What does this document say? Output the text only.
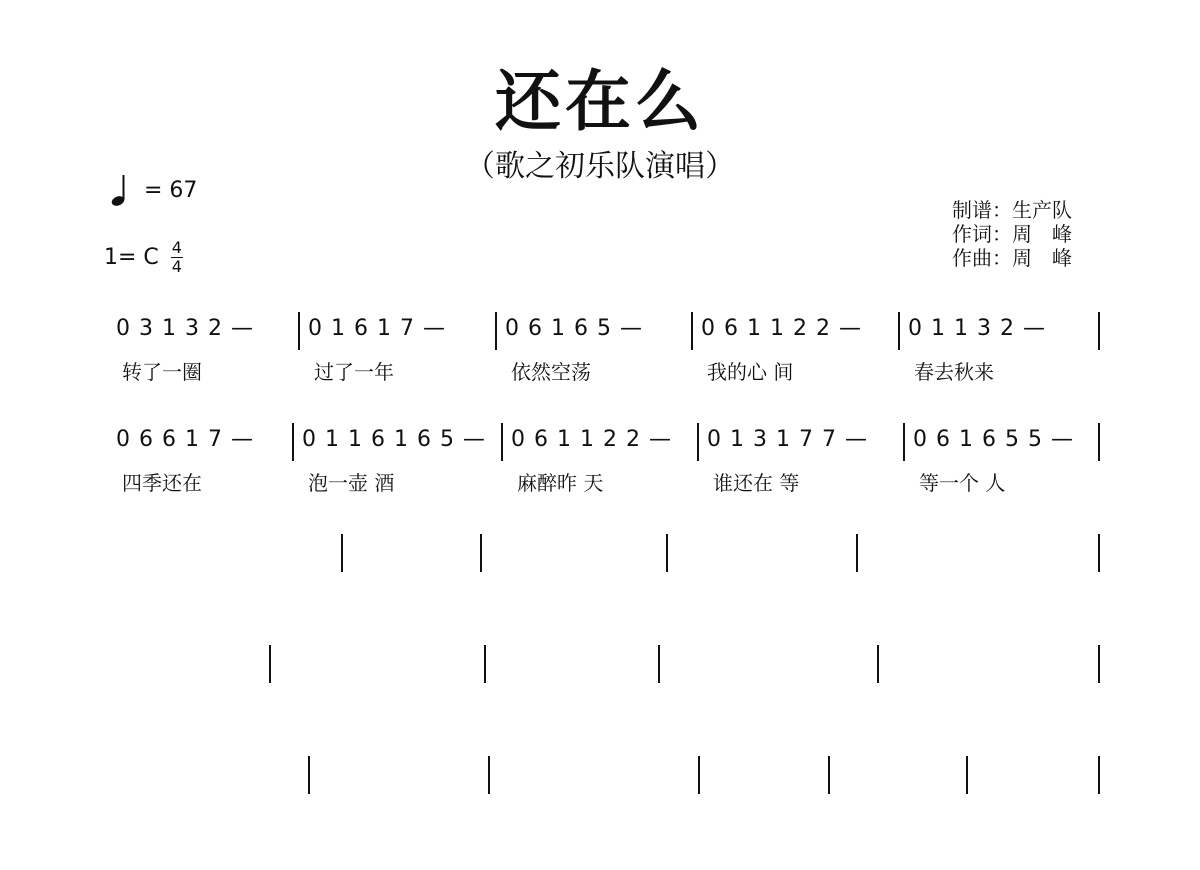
还在么
（歌之初乐队演唱）
= 67
1= C 4
4
制谱：生产队
作词：周　峰
作曲：周　峰
0 3 1 3 2 —
转了一圈
0 1 6 1 7 —
过了一年
0 6 1 6 5 —
依然空荡
0 6 1 1 2 2 —
我的心 间
0 1 1 3 2 —
春去秋来
0 6 6 1 7 —
四季还在
0 1 1 6 1 6 5 —
泡一壶 酒
0 6 1 1 2 2 —
麻醉昨 天
0 1 3 1 7 7 —
谁还在 等
0 6 1 6 5 5 —
等一个 人
